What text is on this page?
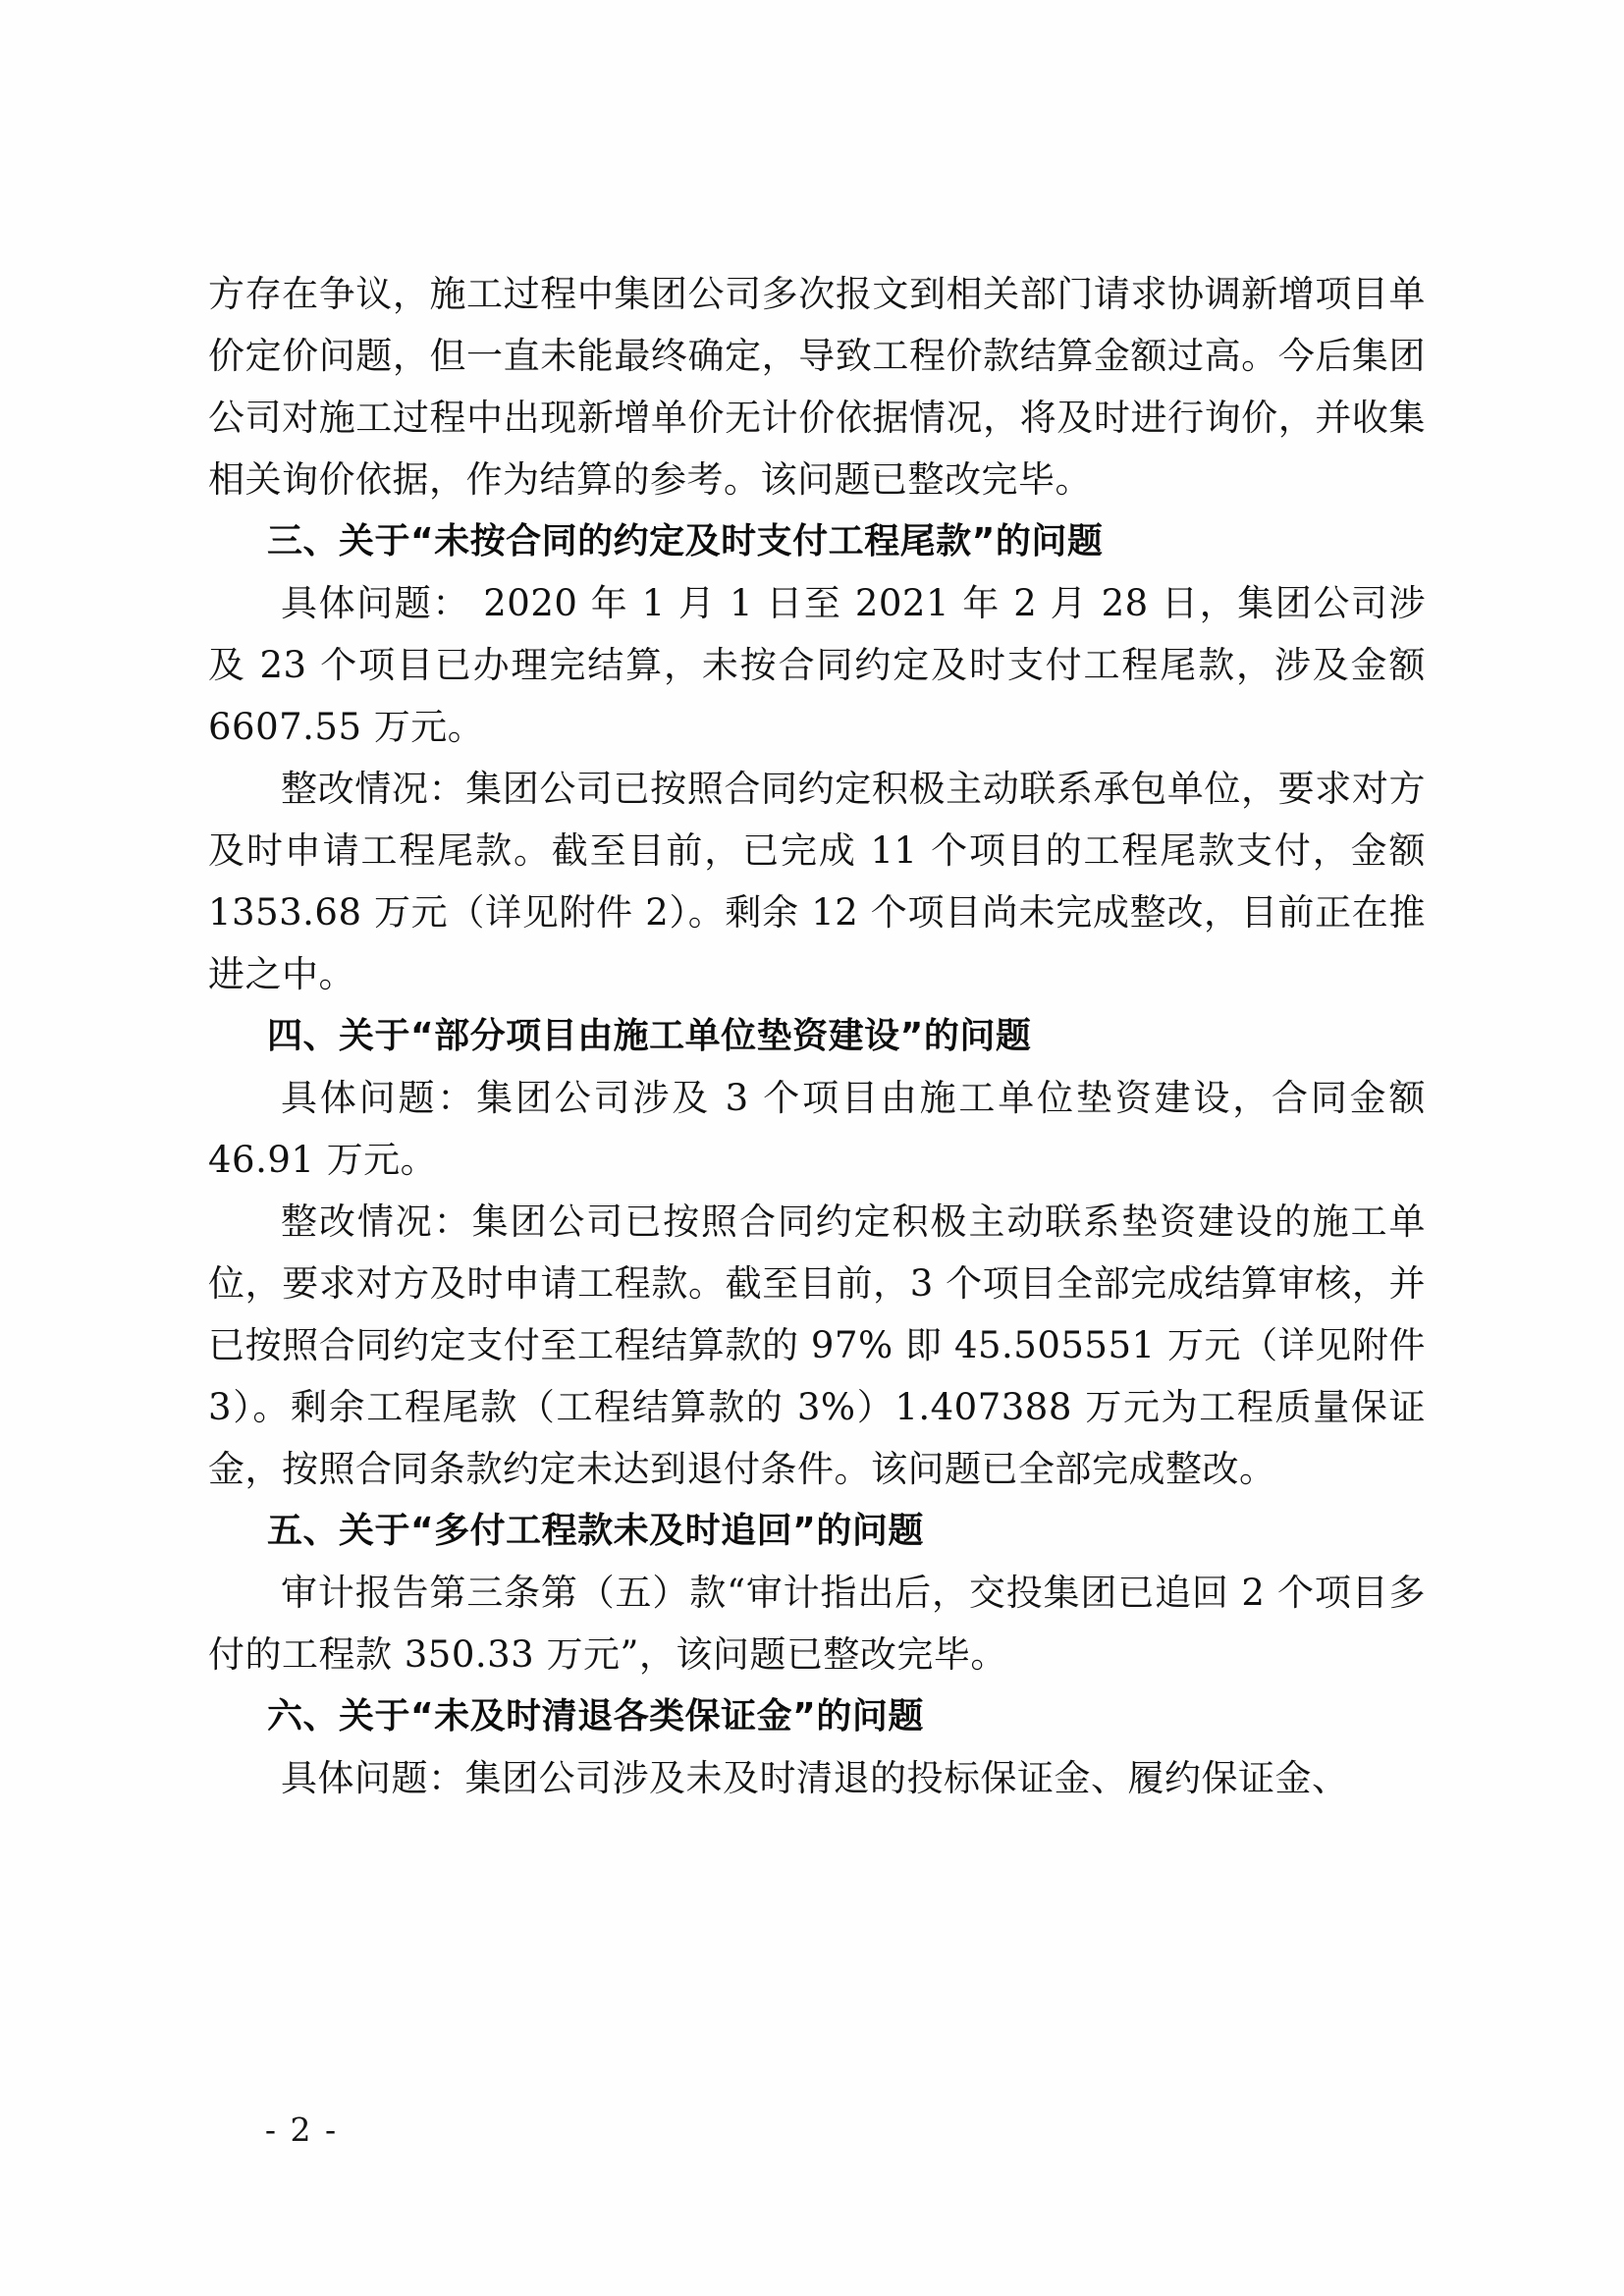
方存在争议，施工过程中集团公司多次报文到相关部门请求协调新增项目单价定价问题，但一直未能最终确定，导致工程价款结算金额过高。今后集团公司对施工过程中出现新增单价无计价依据情况，将及时进行询价，并收集相关询价依据，作为结算的参考。该问题已整改完毕。

三、关于“未按合同的约定及时支付工程尾款”的问题

具体问题： 2020 年 1 月 1 日至 2021 年 2 月 28 日，集团公司涉及 23 个项目已办理完结算，未按合同约定及时支付工程尾款，涉及金额 6607.55 万元。

整改情况：集团公司已按照合同约定积极主动联系承包单位，要求对方及时申请工程尾款。截至目前，已完成 11 个项目的工程尾款支付，金额 1353.68 万元（详见附件 2）。剩余 12 个项目尚未完成整改，目前正在推进之中。

四、关于“部分项目由施工单位垫资建设”的问题

具体问题：集团公司涉及 3 个项目由施工单位垫资建设，合同金额 46.91 万元。

整改情况：集团公司已按照合同约定积极主动联系垫资建设的施工单位，要求对方及时申请工程款。截至目前，3 个项目全部完成结算审核，并已按照合同约定支付至工程结算款的 97% 即 45.505551 万元（详见附件 3）。剩余工程尾款（工程结算款的 3%）1.407388 万元为工程质量保证金，按照合同条款约定未达到退付条件。该问题已全部完成整改。

五、关于“多付工程款未及时追回”的问题

审计报告第三条第（五）款“审计指出后，交投集团已追回 2 个项目多付的工程款 350.33 万元”，该问题已整改完毕。

六、关于“未及时清退各类保证金”的问题

具体问题：集团公司涉及未及时清退的投标保证金、履约保证金、

- 2 -
